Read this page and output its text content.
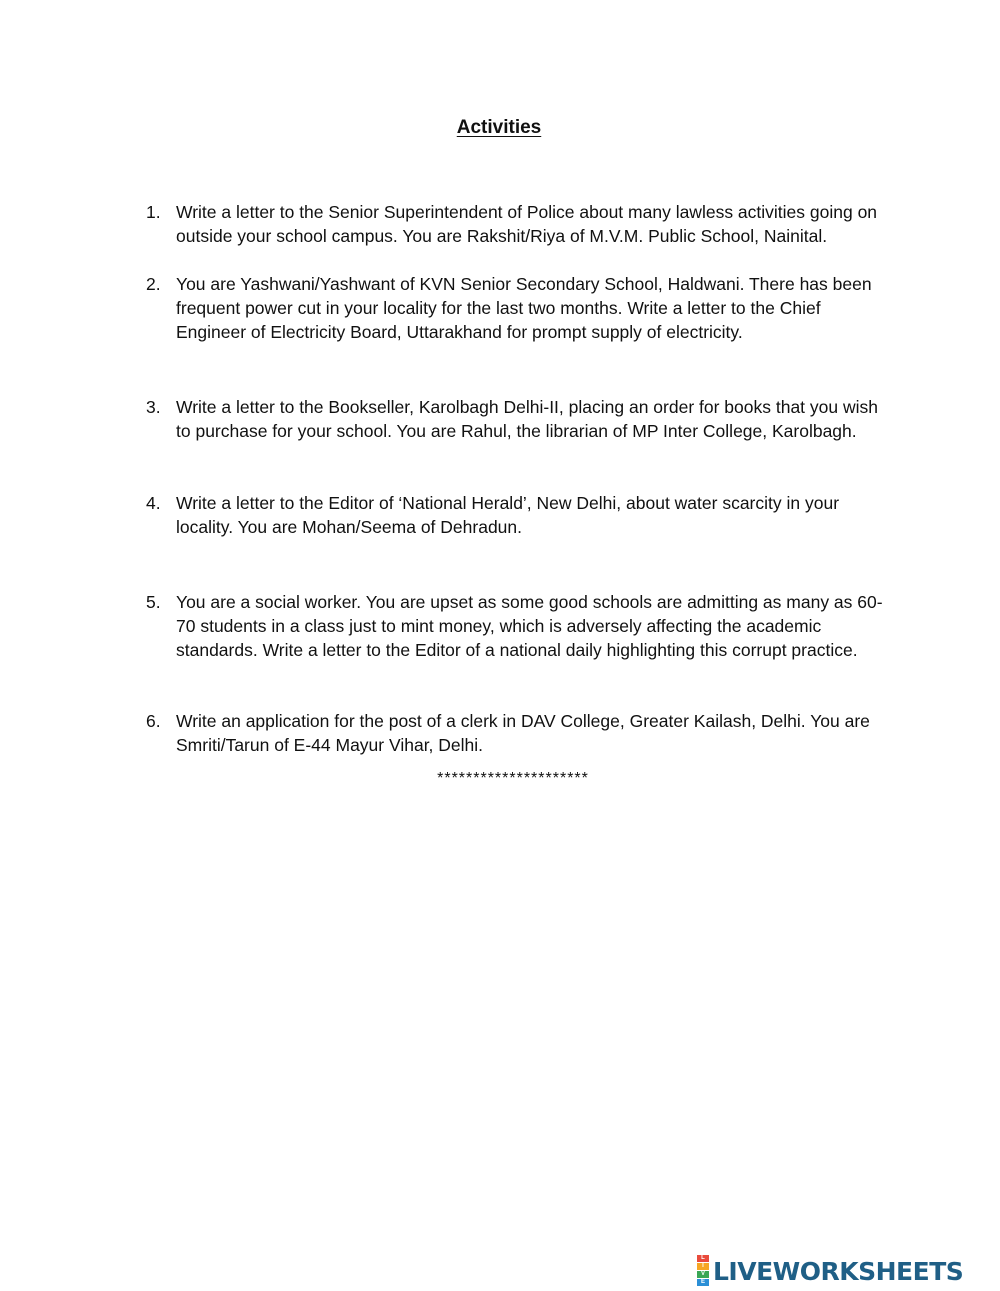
Activities
1. Write a letter to the Senior Superintendent of Police about many lawless activities going on outside your school campus. You are Rakshit/Riya of M.V.M. Public School, Nainital.

2. You are Yashwani/Yashwant of KVN Senior Secondary School, Haldwani. There has been frequent power cut in your locality for the last two months. Write a letter to the Chief Engineer of Electricity Board, Uttarakhand for prompt supply of electricity.

3. Write a letter to the Bookseller, Karolbagh Delhi-II, placing an order for books that you wish to purchase for your school. You are Rahul, the librarian of MP Inter College, Karolbagh.

4. Write a letter to the Editor of ‘National Herald’, New Delhi, about water scarcity in your locality. You are Mohan/Seema of Dehradun.

5. You are a social worker. You are upset as some good schools are admitting as many as 60-70 students in a class just to mint money, which is adversely affecting the academic standards. Write a letter to the Editor of a national daily highlighting this corrupt practice.

6. Write an application for the post of a clerk in DAV College, Greater Kailash, Delhi. You are Smriti/Tarun of E-44 Mayur Vihar, Delhi.

*********************

L
I
V
E LIVEWORKSHEETS
